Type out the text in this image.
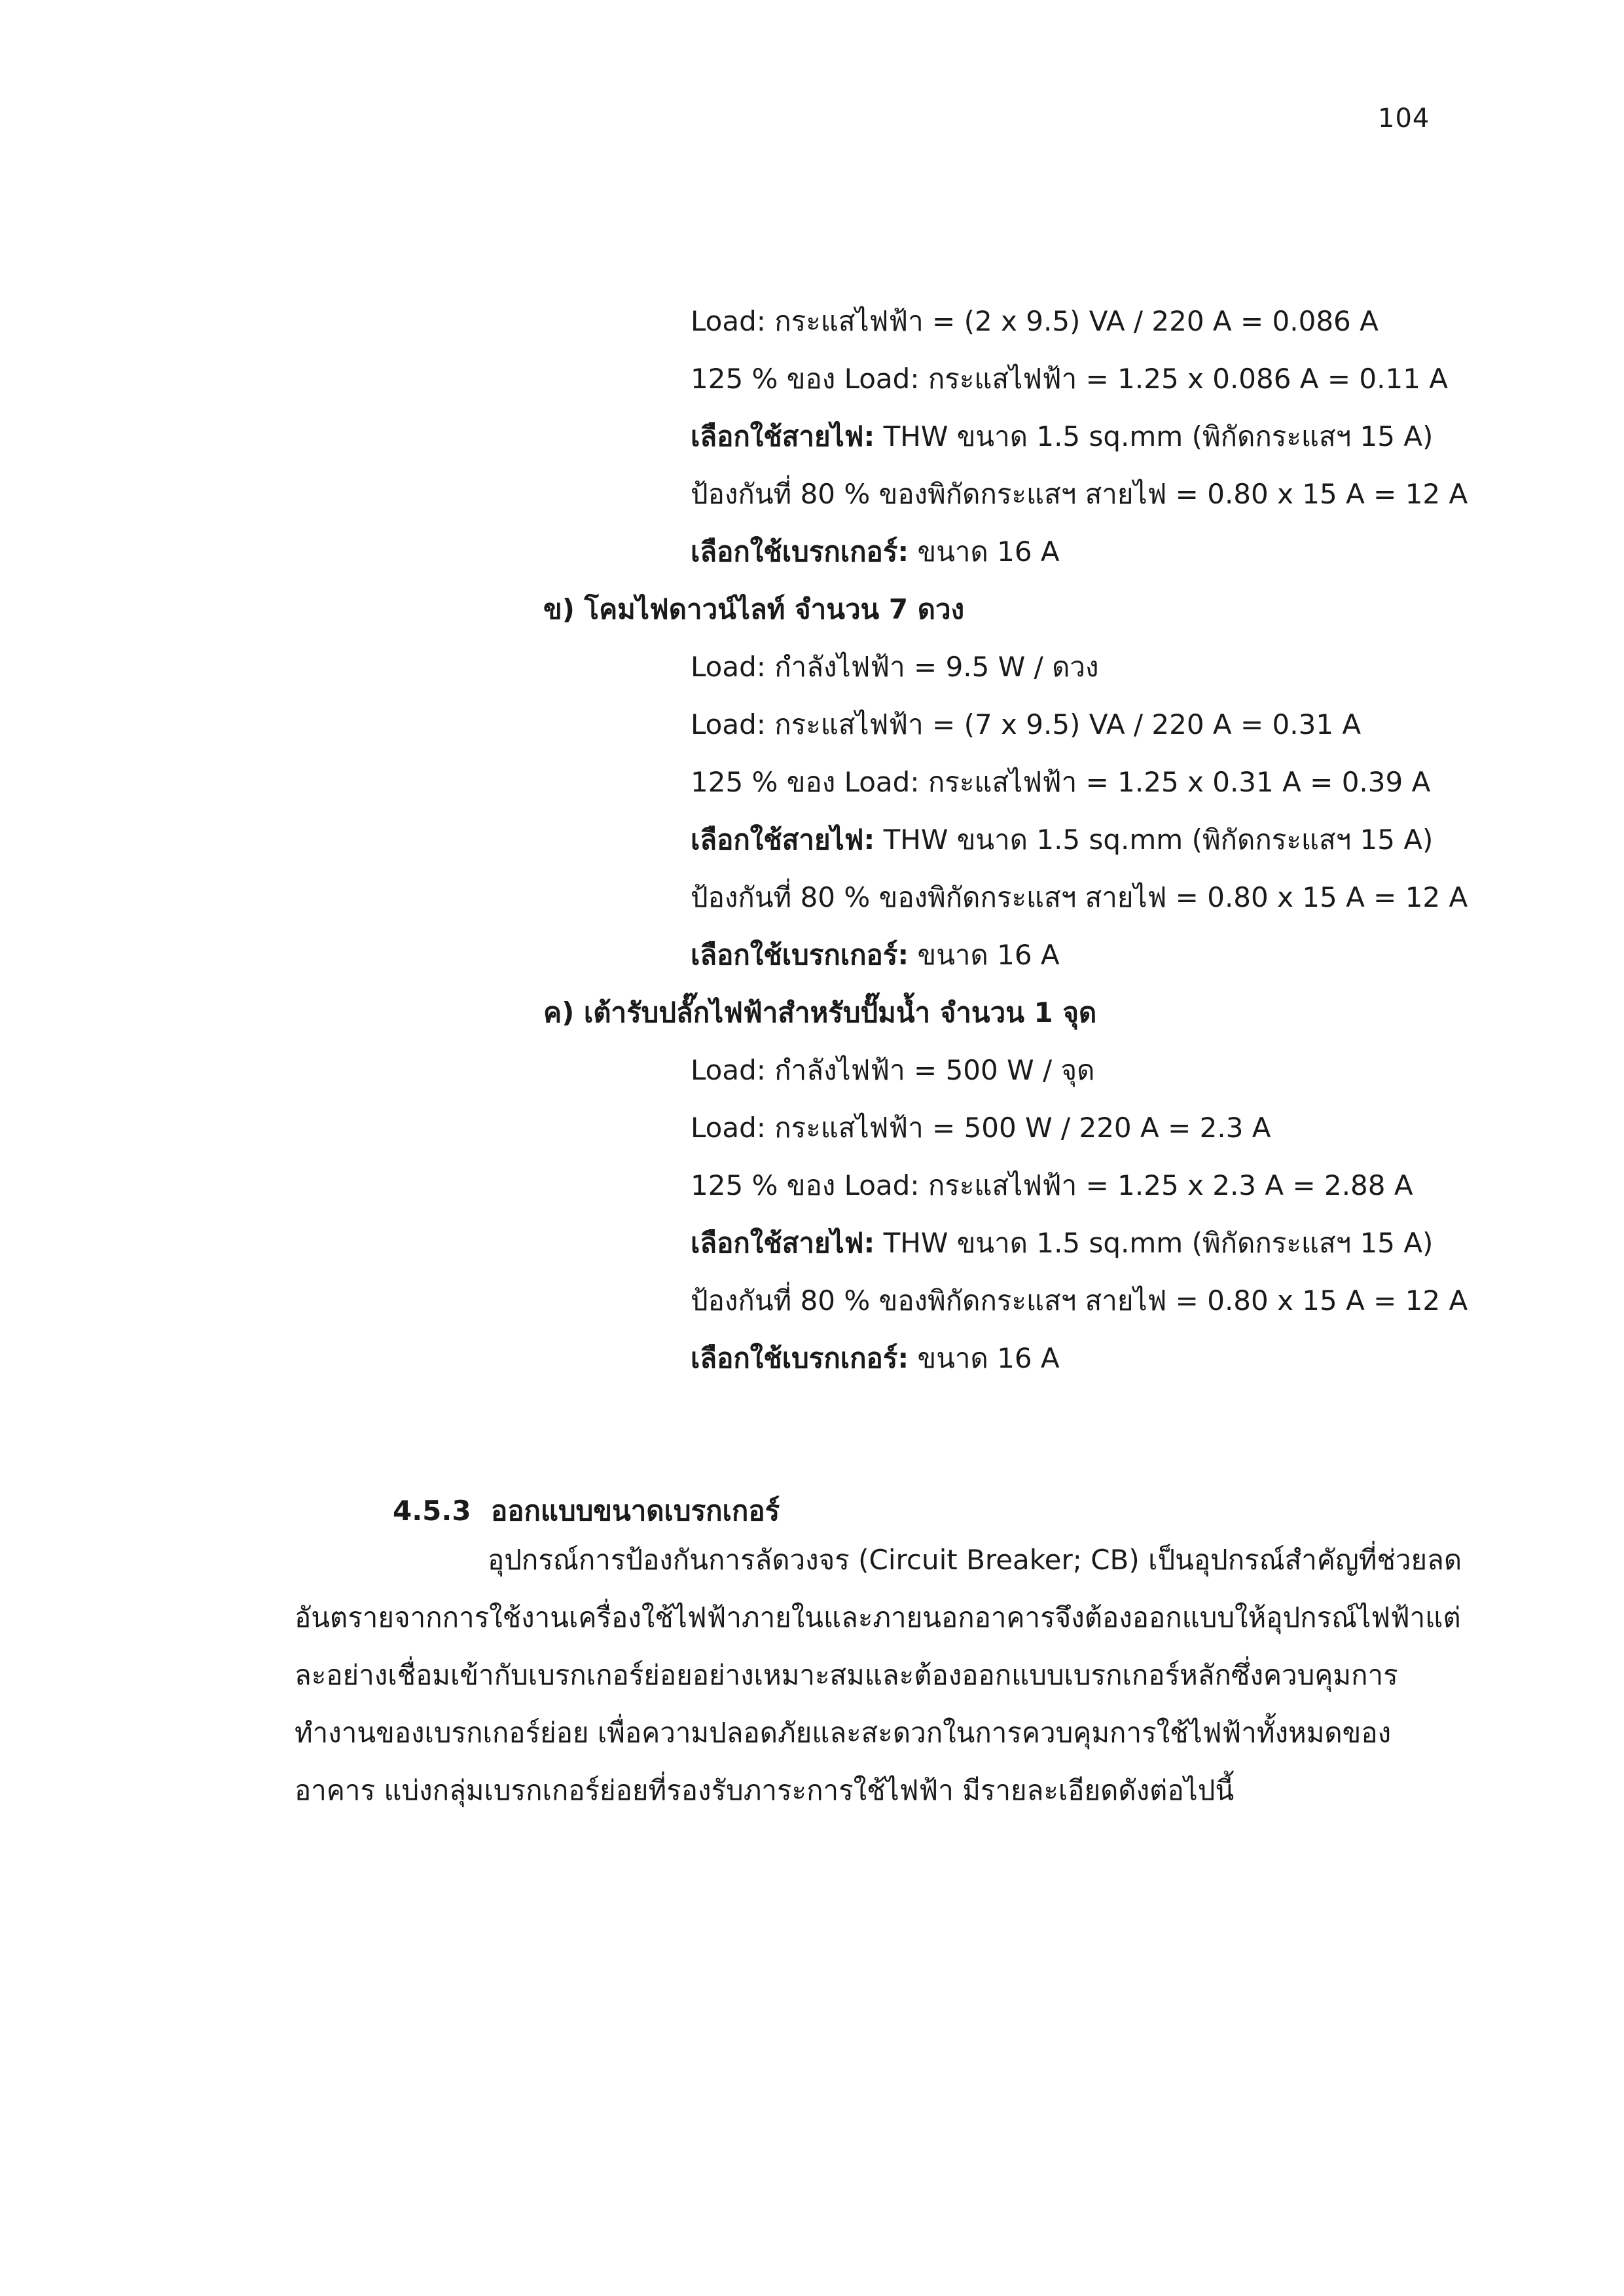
104
Load: กระแสไฟฟ้า = (2 x 9.5) VA / 220 A = 0.086 A
125 % ของ Load: กระแสไฟฟ้า = 1.25 x 0.086 A = 0.11 A
เลือกใช้สายไฟ: THW ขนาด 1.5 sq.mm (พิกัดกระแสฯ 15 A)
ป้องกันที่ 80 % ของพิกัดกระแสฯ สายไฟ = 0.80 x 15 A = 12 A
เลือกใช้เบรกเกอร์: ขนาด 16 A
ข) โคมไฟดาวน์ไลท์ จำนวน 7 ดวง
Load: กำลังไฟฟ้า = 9.5 W / ดวง
Load: กระแสไฟฟ้า = (7 x 9.5) VA / 220 A = 0.31 A
125 % ของ Load: กระแสไฟฟ้า = 1.25 x 0.31 A = 0.39 A
เลือกใช้สายไฟ: THW ขนาด 1.5 sq.mm (พิกัดกระแสฯ 15 A)
ป้องกันที่ 80 % ของพิกัดกระแสฯ สายไฟ = 0.80 x 15 A = 12 A
เลือกใช้เบรกเกอร์: ขนาด 16 A
ค) เต้ารับปลั๊กไฟฟ้าสำหรับปั๊มน้ำ จำนวน 1 จุด
Load: กำลังไฟฟ้า = 500 W / จุด
Load: กระแสไฟฟ้า = 500 W / 220 A = 2.3 A
125 % ของ Load: กระแสไฟฟ้า = 1.25 x 2.3 A = 2.88 A
เลือกใช้สายไฟ: THW ขนาด 1.5 sq.mm (พิกัดกระแสฯ 15 A)
ป้องกันที่ 80 % ของพิกัดกระแสฯ สายไฟ = 0.80 x 15 A = 12 A
เลือกใช้เบรกเกอร์: ขนาด 16 A
4.5.3 ออกแบบขนาดเบรกเกอร์
อุปกรณ์การป้องกันการลัดวงจร (Circuit Breaker; CB) เป็นอุปกรณ์สำคัญที่ช่วยลด
อันตรายจากการใช้งานเครื่องใช้ไฟฟ้าภายในและภายนอกอาคารจึงต้องออกแบบให้อุปกรณ์ไฟฟ้าแต่
ละอย่างเชื่อมเข้ากับเบรกเกอร์ย่อยอย่างเหมาะสมและต้องออกแบบเบรกเกอร์หลักซึ่งควบคุมการ
ทำงานของเบรกเกอร์ย่อย เพื่อความปลอดภัยและสะดวกในการควบคุมการใช้ไฟฟ้าทั้งหมดของ
อาคาร แบ่งกลุ่มเบรกเกอร์ย่อยที่รองรับภาระการใช้ไฟฟ้า มีรายละเอียดดังต่อไปนี้
